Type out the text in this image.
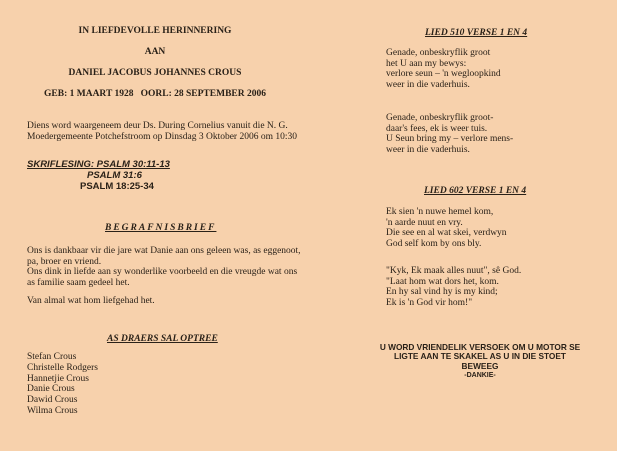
IN LIEFDEVOLLE HERINNERING
AAN
DANIEL JACOBUS JOHANNES CROUS
GEB: 1 MAART 1928   OORL: 28 SEPTEMBER 2006
Diens word waargeneem deur Ds. During Cornelius vanuit die N. G.
Moedergemeente Potchefstroom op Dinsdag 3 Oktober 2006 om 10:30
SKRIFLESING: PSALM 30:11-13
PSALM 31:6
PSALM 18:25-34
BEGRAFNISBRIEF
Ons is dankbaar vir die jare wat Danie aan ons geleen was, as eggenoot,
pa, broer en vriend.
Ons dink in liefde aan sy wonderlike voorbeeld en die vreugde wat ons
as familie saam gedeel het.
Van almal wat hom liefgehad het.
AS DRAERS SAL OPTREE
Stefan Crous
Christelle Rodgers
Hannetjie Crous
Danie Crous
Dawid Crous
Wilma Crous
LIED 510 VERSE 1 EN 4
Genade, onbeskryflik groot
het U aan my bewys:
verlore seun – 'n wegloopkind
weer in die vaderhuis.
Genade, onbeskryflik groot-
daar's fees, ek is weer tuis.
U Seun bring my – verlore mens-
weer in die vaderhuis.
LIED 602 VERSE 1 EN 4
Ek sien 'n nuwe hemel kom,
'n aarde nuut en vry.
Die see en al wat skei, verdwyn
God self kom by ons bly.
"Kyk, Ek maak alles nuut", sê God.
"Laat hom wat dors het, kom.
En hy sal vind hy is my kind;
Ek is 'n God vir hom!"
U WORD VRIENDELIK VERSOEK OM U MOTOR SE
LIGTE AAN TE SKAKEL AS U IN DIE STOET
BEWEEG
-DANKIE-
